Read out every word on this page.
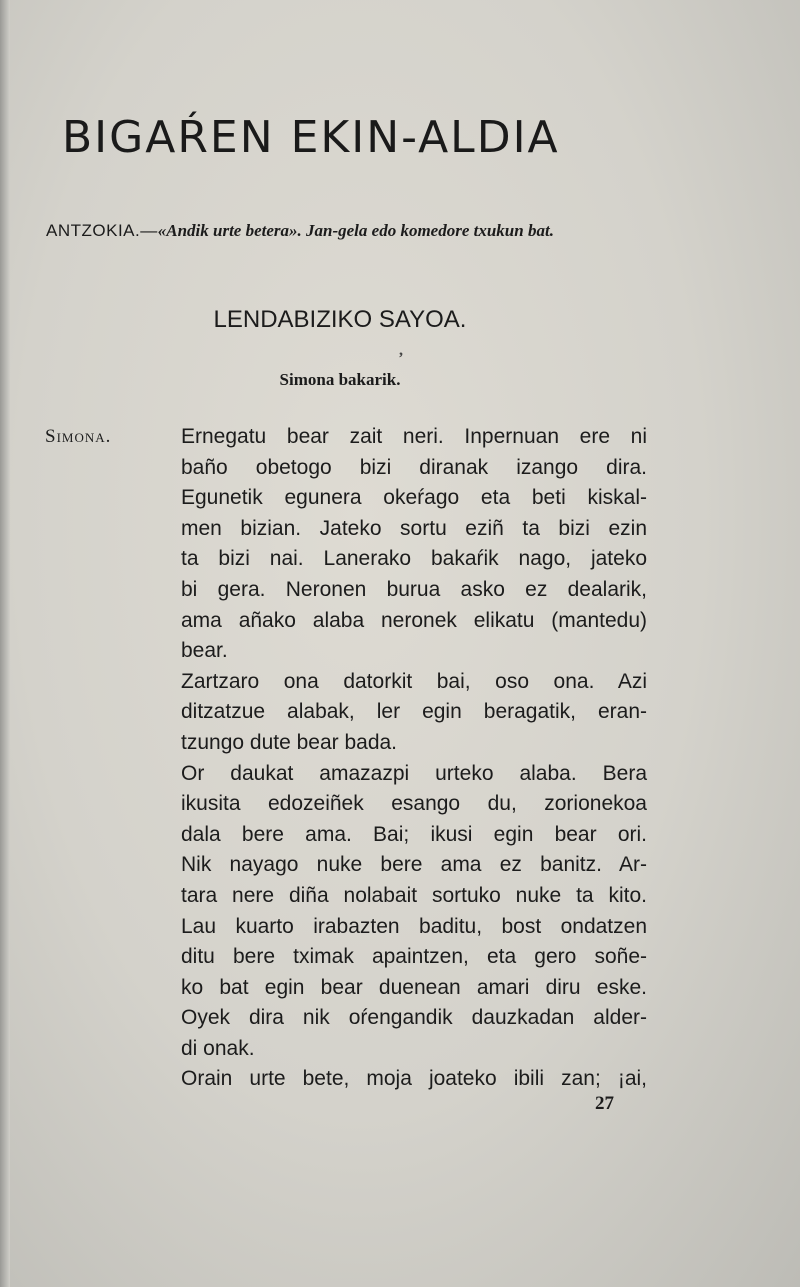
BIGAŔEN EKIN-ALDIA
ANTZOKIA.—«Andik urte betera». Jan-gela edo komedore txukun bat.
LENDABIZIKO SAYOA.
,
Simona bakarik.
Simona.	Ernegatu bear zait neri. Inpernuan ere ni
baño obetogo bizi diranak izango dira.
Egunetik egunera okeŕago eta beti kiskal-
men bizian. Jateko sortu eziñ ta bizi ezin
ta bizi nai. Lanerako bakaŕik nago, jateko
bi gera. Neronen burua asko ez dealarik,
ama añako alaba neronek elikatu (mantedu)
bear.
Zartzaro ona datorkit bai, oso ona. Azi
ditzatzue alabak, ler egin beragatik, eran-
tzungo dute bear bada.
Or daukat amazazpi urteko alaba. Bera
ikusita edozeiñek esango du, zorionekoa
dala bere ama. Bai; ikusi egin bear ori.
Nik nayago nuke bere ama ez banitz. Ar-
tara nere diña nolabait sortuko nuke ta kito.
Lau kuarto irabazten baditu, bost ondatzen
ditu bere tximak apaintzen, eta gero soñe-
ko bat egin bear duenean amari diru eske.
Oyek dira nik oŕengandik dauzkadan alder-
di onak.
Orain urte bete, moja joateko ibili zan; ¡ai,
27
